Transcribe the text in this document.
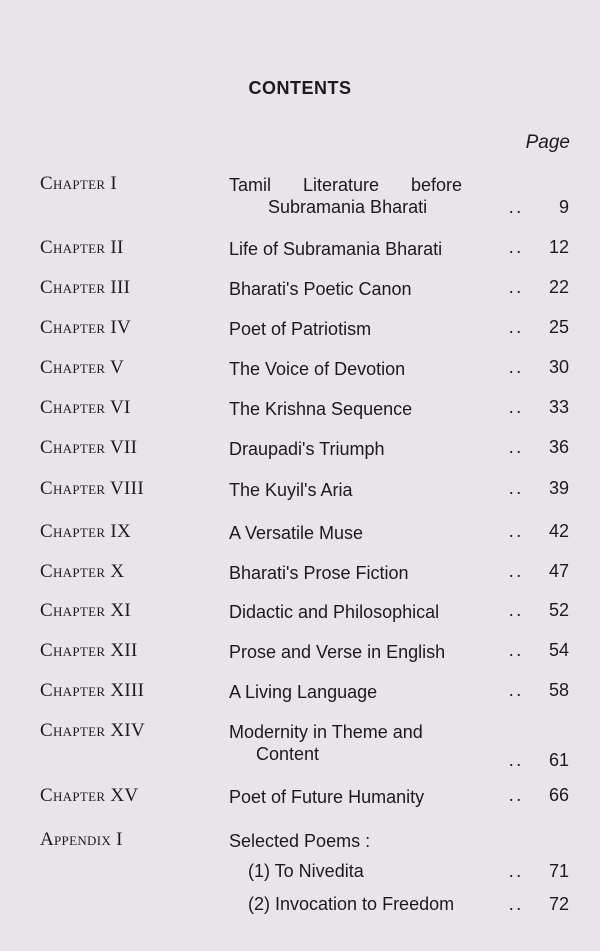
CONTENTS
Page
Chapter I	Tamil Literature before
Subramania Bharati	..	9
Chapter II	Life of Subramania Bharati	..	12
Chapter III	Bharati's Poetic Canon	..	22
Chapter IV	Poet of Patriotism	..	25
Chapter V	The Voice of Devotion	..	30
Chapter VI	The Krishna Sequence	..	33
Chapter VII	Draupadi's Triumph	..	36
Chapter VIII	The Kuyil's Aria	..	39
Chapter IX	A Versatile Muse	..	42
Chapter X	Bharati's Prose Fiction	..	47
Chapter XI	Didactic and Philosophical	..	52
Chapter XII	Prose and Verse in English	..	54
Chapter XIII	A Living Language	..	58
Chapter XIV	Modernity in Theme and
Content	..	61
Chapter XV	Poet of Future Humanity	..	66
Appendix I	Selected Poems :
(1) To Nivedita	..	71
(2) Invocation to Freedom	..	72
